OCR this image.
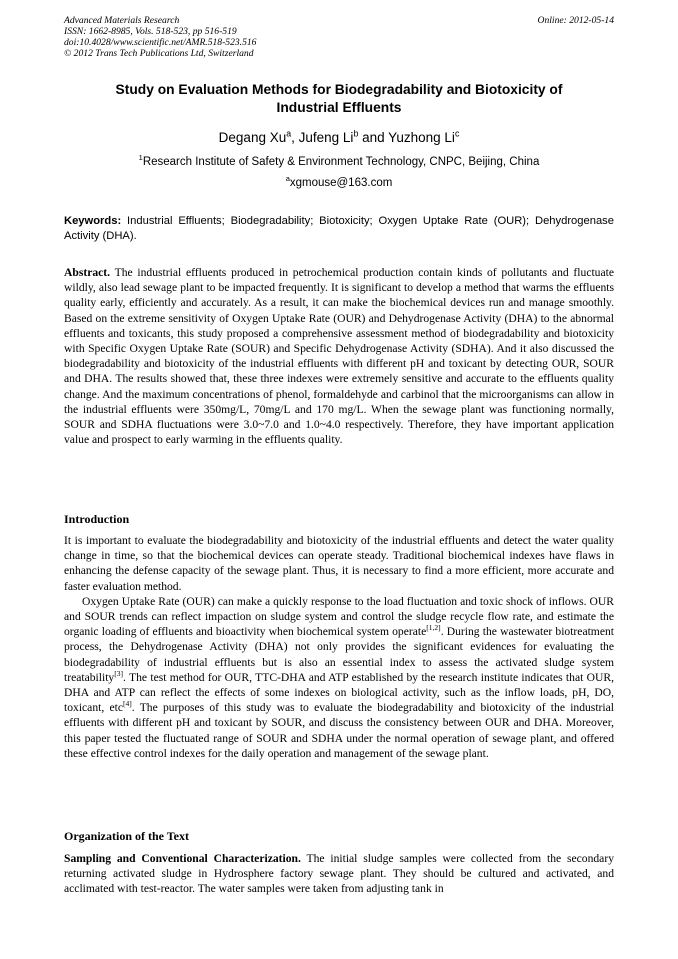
Advanced Materials Research
ISSN: 1662-8985, Vols. 518-523, pp 516-519
doi:10.4028/www.scientific.net/AMR.518-523.516
© 2012 Trans Tech Publications Ltd, Switzerland
Online: 2012-05-14
Study on Evaluation Methods for Biodegradability and Biotoxicity of
Industrial Effluents
Degang Xu$^a$, Jufeng Li$^b$ and Yuzhong Li$^c$
$^1$Research Institute of Safety & Environment Technology, CNPC, Beijing, China
$^a$xgmouse@163.com
Keywords: Industrial Effluents; Biodegradability; Biotoxicity; Oxygen Uptake Rate (OUR); Dehydrogenase Activity (DHA).

Abstract. The industrial effluents produced in petrochemical production contain kinds of pollutants and fluctuate wildly, also lead sewage plant to be impacted frequently. It is significant to develop a method that warms the effluents quality early, efficiently and accurately. As a result, it can make the biochemical devices run and manage smoothly. Based on the extreme sensitivity of Oxygen Uptake Rate (OUR) and Dehydrogenase Activity (DHA) to the abnormal effluents and toxicants, this study proposed a comprehensive assessment method of biodegradability and biotoxicity with Specific Oxygen Uptake Rate (SOUR) and Specific Dehydrogenase Activity (SDHA). And it also discussed the biodegradability and biotoxicity of the industrial effluents with different pH and toxicant by detecting OUR, SOUR and DHA. The results showed that, these three indexes were extremely sensitive and accurate to the effluents quality change. And the maximum concentrations of phenol, formaldehyde and carbinol that the microorganisms can allow in the industrial effluents were 350mg/L, 70mg/L and 170 mg/L. When the sewage plant was functioning normally, SOUR and SDHA fluctuations were 3.0~7.0 and 1.0~4.0 respectively. Therefore, they have important application value and prospect to early warming in the effluents quality.

Introduction

It is important to evaluate the biodegradability and biotoxicity of the industrial effluents and detect the water quality change in time, so that the biochemical devices can operate steady. Traditional biochemical indexes have flaws in enhancing the defense capacity of the sewage plant. Thus, it is necessary to find a more efficient, more accurate and faster evaluation method.

Oxygen Uptake Rate (OUR) can make a quickly response to the load fluctuation and toxic shock of inflows. OUR and SOUR trends can reflect impaction on sludge system and control the sludge recycle flow rate, and estimate the organic loading of effluents and bioactivity when biochemical system operate[1,2]. During the wastewater biotreatment process, the Dehydrogenase Activity (DHA) not only provides the significant evidences for evaluating the biodegradability of industrial effluents but is also an essential index to assess the activated sludge system treatability[3]. The test method for OUR, TTC-DHA and ATP established by the research institute indicates that OUR, DHA and ATP can reflect the effects of some indexes on biological activity, such as the inflow loads, pH, DO, toxicant, etc[4]. The purposes of this study was to evaluate the biodegradability and biotoxicity of the industrial effluents with different pH and toxicant by SOUR, and discuss the consistency between OUR and DHA. Moreover, this paper tested the fluctuated range of SOUR and SDHA under the normal operation of sewage plant, and offered these effective control indexes for the daily operation and management of the sewage plant.

Organization of the Text

Sampling and Conventional Characterization. The initial sludge samples were collected from the secondary returning activated sludge in Hydrosphere factory sewage plant. They should be cultured and activated, and acclimated with test-reactor. The water samples were taken from adjusting tank in
